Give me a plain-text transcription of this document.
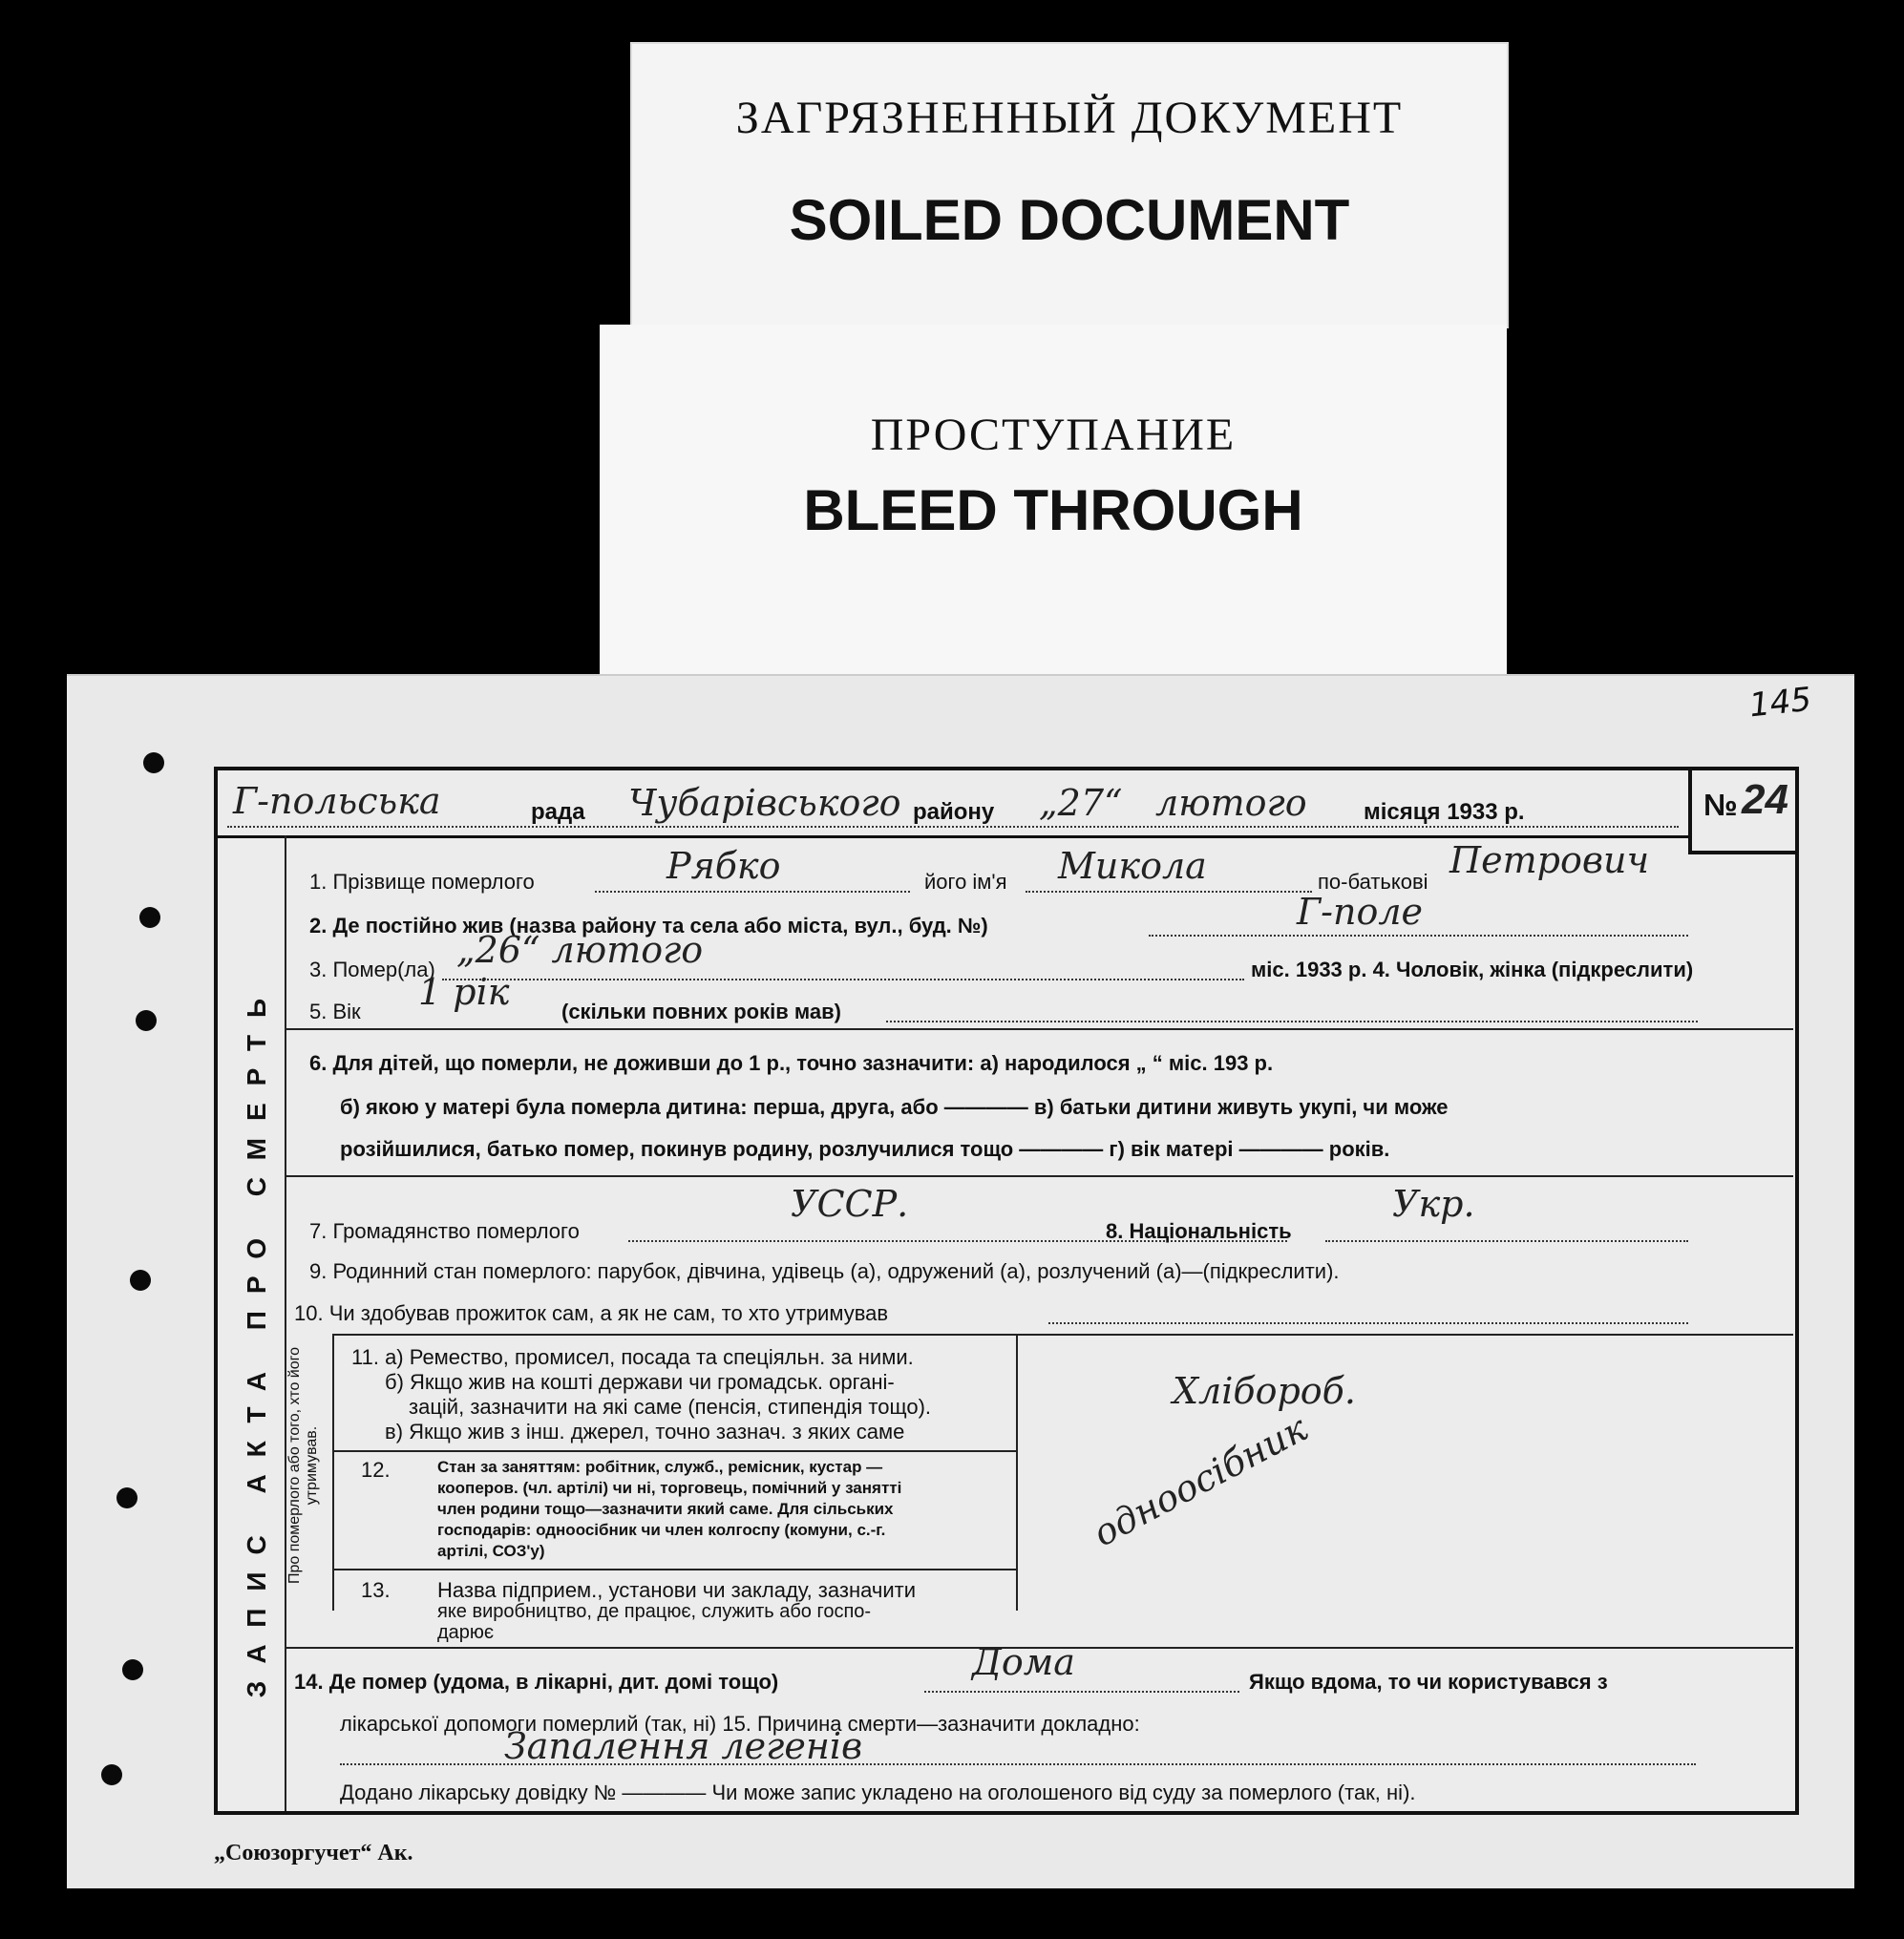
ЗАГРЯЗНЕННЫЙ ДОКУМЕНТ
SOILED DOCUMENT
ПРОСТУПАНИЕ
BLEED THROUGH
145
Г-польська	рада Чубарівського району „27“ лютого місяця 1933 р.	№ 24
ЗАПИС АКТА ПРО СМЕРТЬ
1. Прізвище померлого	Рябко	його ім'я Микола	по-батькові
Петрович
2. Де постійно жив (назва району та села або міста, вул., буд. №)	Г-поле
3. Помер(ла) „26“ лютого	міс. 1933 р. 4. Чоловік, жінка (підкреслити)
5. Вік 1 рік (скільки повних років мав)
6. Для дітей, що померли, не доживши до 1 р., точно зазначити: а) народилося „ “ міс. 193 р.
б) якою у матері була померла дитина: перша, друга, або ———— в) батьки дитини живуть укупі, чи може
розійшилися, батько помер, покинув родину, розлучилися тощо ———— г) вік матері ———— років.
7. Громадянство померлого
УССР.
8. Національність
Укр.
9. Родинний стан померлого: парубок, дівчина, удівець (а), одружений (а), розлучений (а)—(підкреслити).
10. Чи здобував прожиток сам, а як не сам, то хто утримував
Про померлого або того, хто його утримував.
11. а) Ремество, промисел, посада та спеціяльн. за ними.
б) Якщо жив на коштi держави чи громадськ. органі-
зацій, зазначити на які саме (пенсія, стипендія тощо).
в) Якщо жив з інш. джерел, точно зазнач. з яких саме
Хлібороб.
12.	Стан за заняттям: робітник, служб., ремісник, кустар —
кооперов. (чл. артілі) чи ні, торговець, помічний у занятті
член родини тощо—зазначити який саме. Для сільських
господарів: одноосібник чи член колгоспу (комуни, с.-г.
артілі, СОЗ'у)	одноосібник
13. Назва підприем., установи чи закладу, зазначити
яке виробництво, де працює, служить або госпо-
дарює
14. Де помер (удома, в лікарні, дит. домі тощо)	Дома	Якщо вдома, то чи користувався з
лікарської допомоги померлий (так, ні) 15. Причина смерти—зазначити докладно:
Запалення легенів
Додано лікарську довідку № ———— Чи може запис укладено на оголошеного від суду за померлого (так, ні).
„Союзоргучет“ Ак.
